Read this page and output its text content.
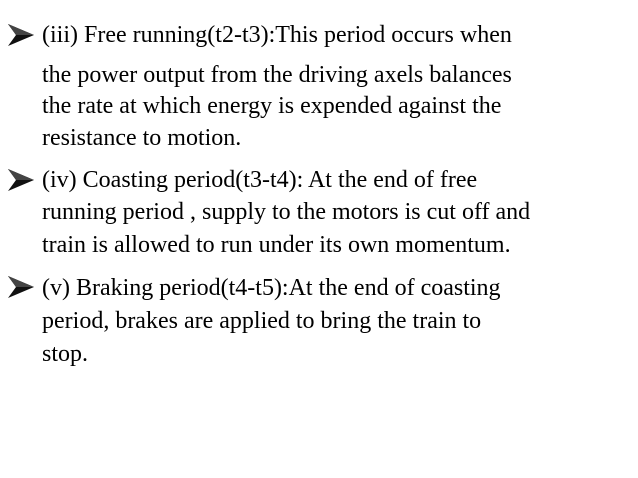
(iii) Free running(t2-t3):This period occurs when
the power output from the driving axels balances
the rate at which energy is expended against the
resistance to motion.
(iv) Coasting period(t3-t4): At the end of free
running period , supply to the motors is cut off and
train is allowed to run under its own momentum.
(v) Braking period(t4-t5):At the end of coasting
period, brakes are applied to bring the train to
stop.
